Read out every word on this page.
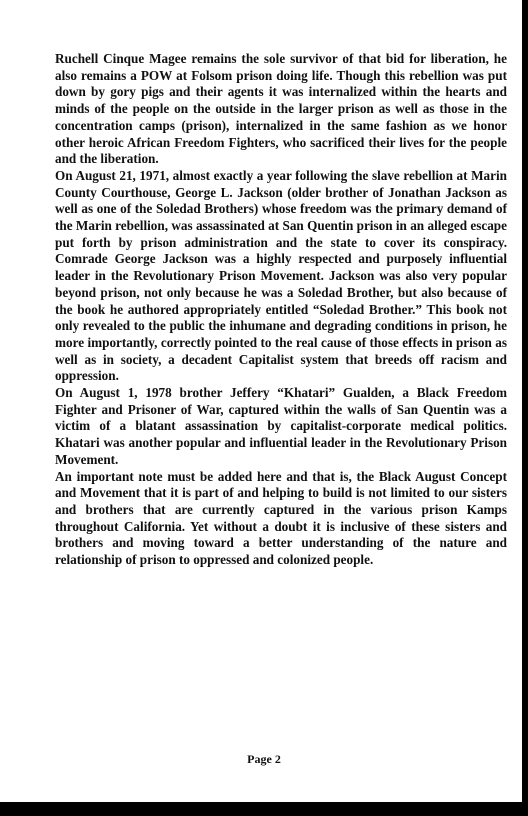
Ruchell Cinque Magee remains the sole survivor of that bid for liberation, he also remains a POW at Folsom prison doing life. Though this rebellion was put down by gory pigs and their agents it was internalized within the hearts and minds of the people on the outside in the larger prison as well as those in the concentration camps (prison), internalized in the same fashion as we honor other heroic African Freedom Fighters, who sacrificed their lives for the people and the liberation.

On August 21, 1971, almost exactly a year following the slave rebellion at Marin County Courthouse, George L. Jackson (older brother of Jonathan Jackson as well as one of the Soledad Brothers) whose freedom was the primary demand of the Marin rebellion, was assassinated at San Quentin prison in an alleged escape put forth by prison administration and the state to cover its conspiracy. Comrade George Jackson was a highly respected and purposely influential leader in the Revolutionary Prison Movement. Jackson was also very popular beyond prison, not only because he was a Soledad Brother, but also because of the book he authored appropriately entitled “Soledad Brother.” This book not only revealed to the public the inhumane and degrading conditions in prison, he more importantly, correctly pointed to the real cause of those effects in prison as well as in society, a decadent Capitalist system that breeds off racism and oppression.

On August 1, 1978 brother Jeffery “Khatari” Gualden, a Black Freedom Fighter and Prisoner of War, captured within the walls of San Quentin was a victim of a blatant assassination by capitalist-corporate medical politics. Khatari was another popular and influential leader in the Revolutionary Prison Movement.

An important note must be added here and that is, the Black August Concept and Movement that it is part of and helping to build is not limited to our sisters and brothers that are currently captured in the various prison Kamps throughout California. Yet without a doubt it is inclusive of these sisters and brothers and moving toward a better understanding of the nature and relationship of prison to oppressed and colonized people.

Page 2
